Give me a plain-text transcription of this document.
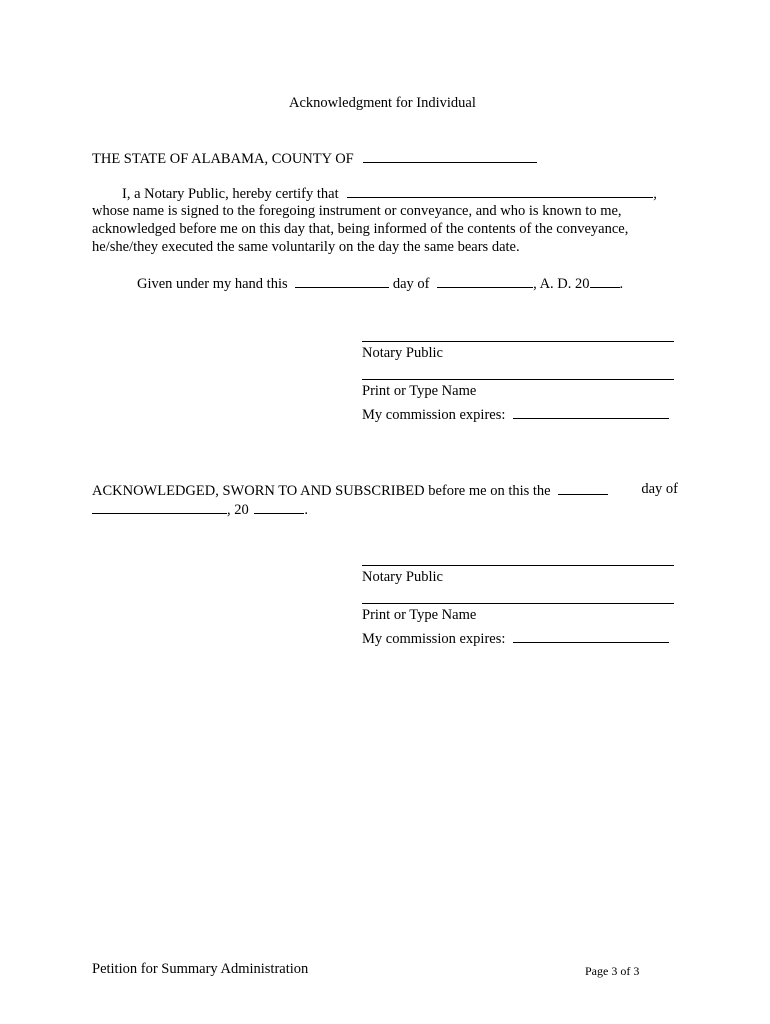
Acknowledgment for Individual
THE STATE OF ALABAMA, COUNTY OF
I, a Notary Public, hereby certify that	,
whose name is signed to the foregoing instrument or conveyance, and who is known to me,
acknowledged before me on this day that, being informed of the contents of the conveyance,
he/she/they executed the same voluntarily on the day the same bears date.
Given under my hand this	day of	, A. D. 20 .
Notary Public
Print or Type Name
My commission expires:
ACKNOWLEDGED, SWORN TO AND SUBSCRIBED before me on this the	day of
, 20	.
Notary Public
Print or Type Name
My commission expires:
Petition for Summary Administration	Page 3 of 3
